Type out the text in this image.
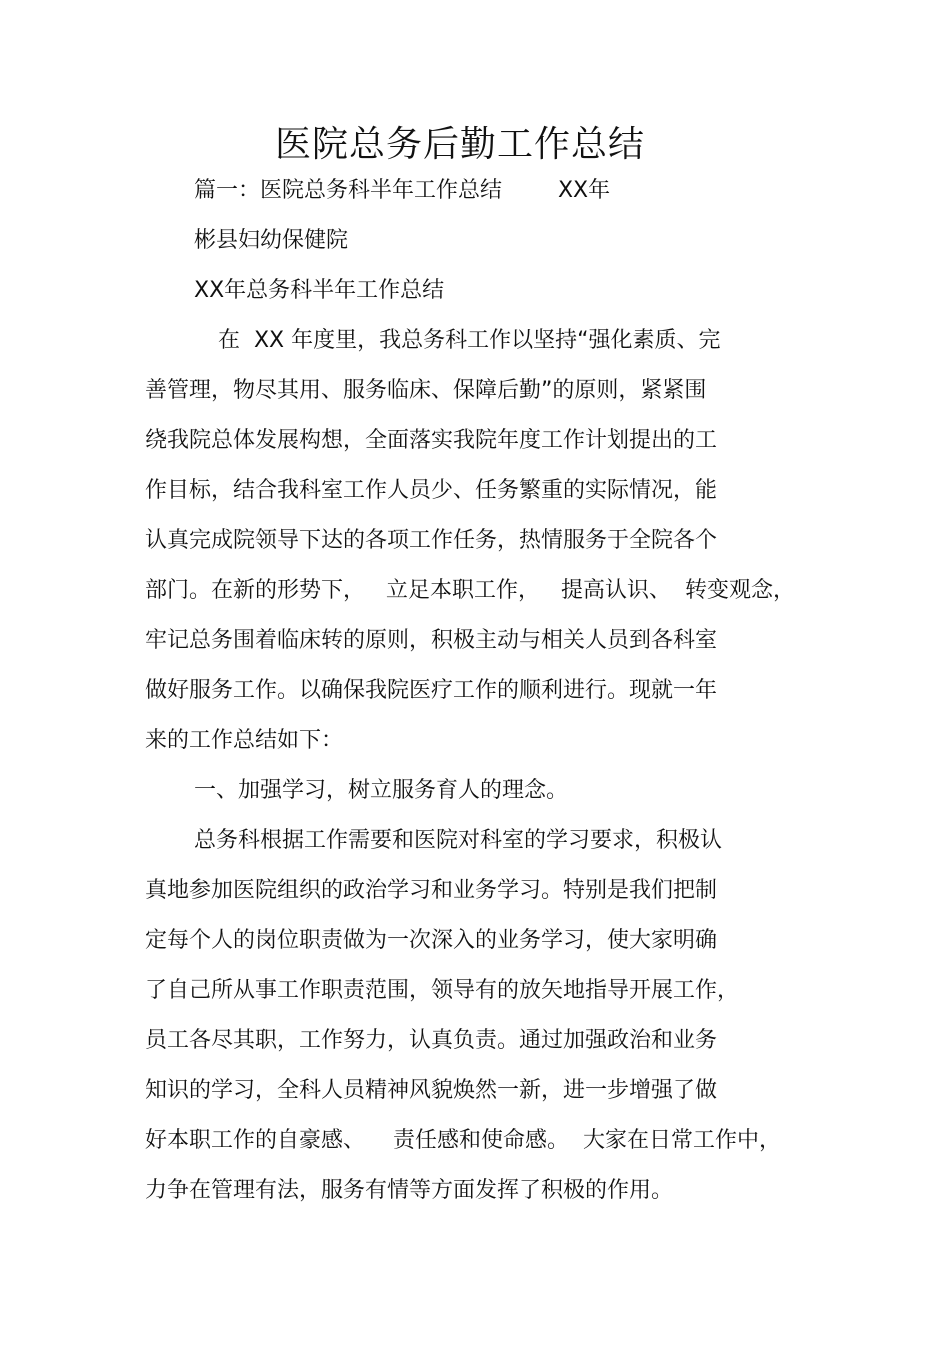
医院总务后勤工作总结
篇一：医院总务科半年工作总结        XX年
彬县妇幼保健院
XX年总务科半年工作总结
在  XX 年度里，我总务科工作以坚持“强化素质、完
善管理，物尽其用、服务临床、保障后勤”的原则，紧紧围
绕我院总体发展构想，全面落实我院年度工作计划提出的工
作目标，结合我科室工作人员少、任务繁重的实际情况，能
认真完成院领导下达的各项工作任务，热情服务于全院各个
部门。在新的形势下，   立足本职工作，   提高认识、  转变观念，
牢记总务围着临床转的原则，积极主动与相关人员到各科室
做好服务工作。以确保我院医疗工作的顺利进行。现就一年
来的工作总结如下：
一、加强学习，树立服务育人的理念。
总务科根据工作需要和医院对科室的学习要求，积极认
真地参加医院组织的政治学习和业务学习。特别是我们把制
定每个人的岗位职责做为一次深入的业务学习，使大家明确
了自己所从事工作职责范围，领导有的放矢地指导开展工作，
员工各尽其职，工作努力，认真负责。通过加强政治和业务
知识的学习，全科人员精神风貌焕然一新，进一步增强了做
好本职工作的自豪感、    责任感和使命感。  大家在日常工作中，
力争在管理有法，服务有情等方面发挥了积极的作用。
